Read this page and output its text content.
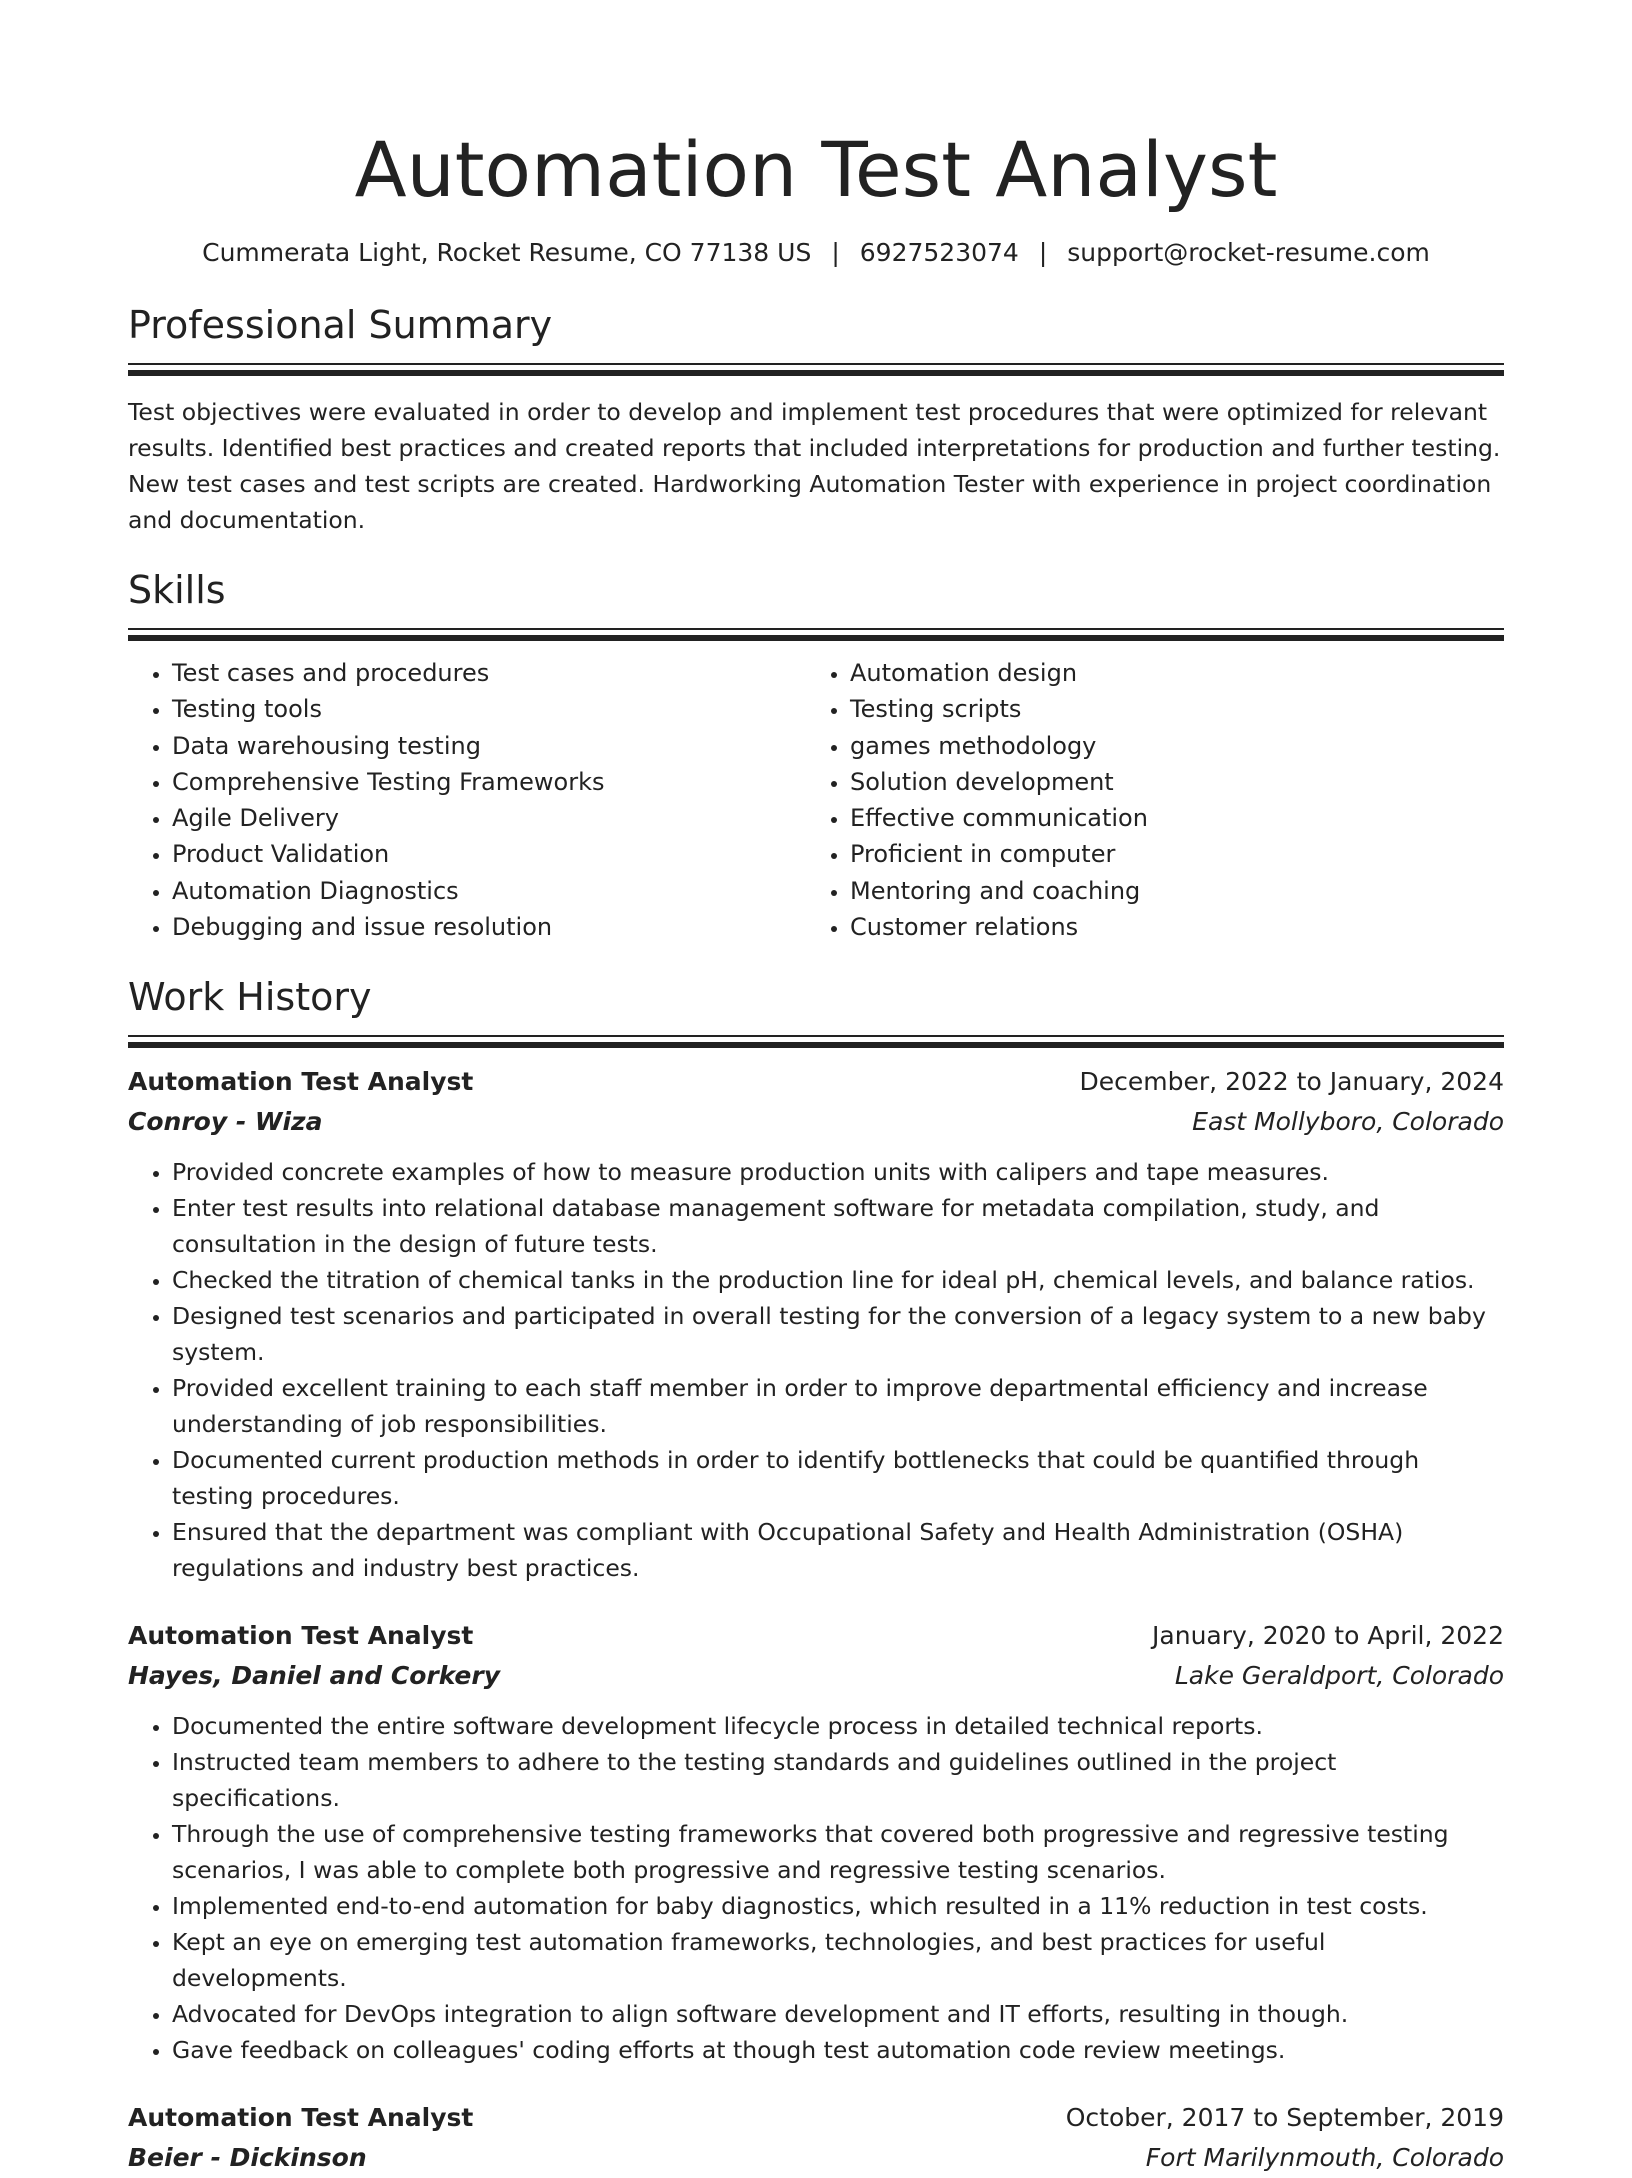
Automation Test Analyst
Cummerata Light, Rocket Resume, CO 77138 US | 6927523074 | support@rocket-resume.com
Professional Summary
Test objectives were evaluated in order to develop and implement test procedures that were optimized for relevant results. Identified best practices and created reports that included interpretations for production and further testing. New test cases and test scripts are created. Hardworking Automation Tester with experience in project coordination and documentation.
Skills
• Test cases and procedures
• Testing tools
• Data warehousing testing
• Comprehensive Testing Frameworks
• Agile Delivery
• Product Validation
• Automation Diagnostics
• Debugging and issue resolution
• Automation design
• Testing scripts
• games methodology
• Solution development
• Effective communication
• Proficient in computer
• Mentoring and coaching
• Customer relations
Work History
Automation Test Analyst	December, 2022 to January, 2024
Conroy - Wiza	East Mollyboro, Colorado
• Provided concrete examples of how to measure production units with calipers and tape measures.
• Enter test results into relational database management software for metadata compilation, study, and consultation in the design of future tests.
• Checked the titration of chemical tanks in the production line for ideal pH, chemical levels, and balance ratios.
• Designed test scenarios and participated in overall testing for the conversion of a legacy system to a new baby system.
• Provided excellent training to each staff member in order to improve departmental efficiency and increase understanding of job responsibilities.
• Documented current production methods in order to identify bottlenecks that could be quantified through testing procedures.
• Ensured that the department was compliant with Occupational Safety and Health Administration (OSHA) regulations and industry best practices.
Automation Test Analyst	January, 2020 to April, 2022
Hayes, Daniel and Corkery	Lake Geraldport, Colorado
• Documented the entire software development lifecycle process in detailed technical reports.
• Instructed team members to adhere to the testing standards and guidelines outlined in the project specifications.
• Through the use of comprehensive testing frameworks that covered both progressive and regressive testing scenarios, I was able to complete both progressive and regressive testing scenarios.
• Implemented end-to-end automation for baby diagnostics, which resulted in a 11% reduction in test costs.
• Kept an eye on emerging test automation frameworks, technologies, and best practices for useful developments.
• Advocated for DevOps integration to align software development and IT efforts, resulting in though.
• Gave feedback on colleagues' coding efforts at though test automation code review meetings.
Automation Test Analyst	October, 2017 to September, 2019
Beier - Dickinson	Fort Marilynmouth, Colorado
